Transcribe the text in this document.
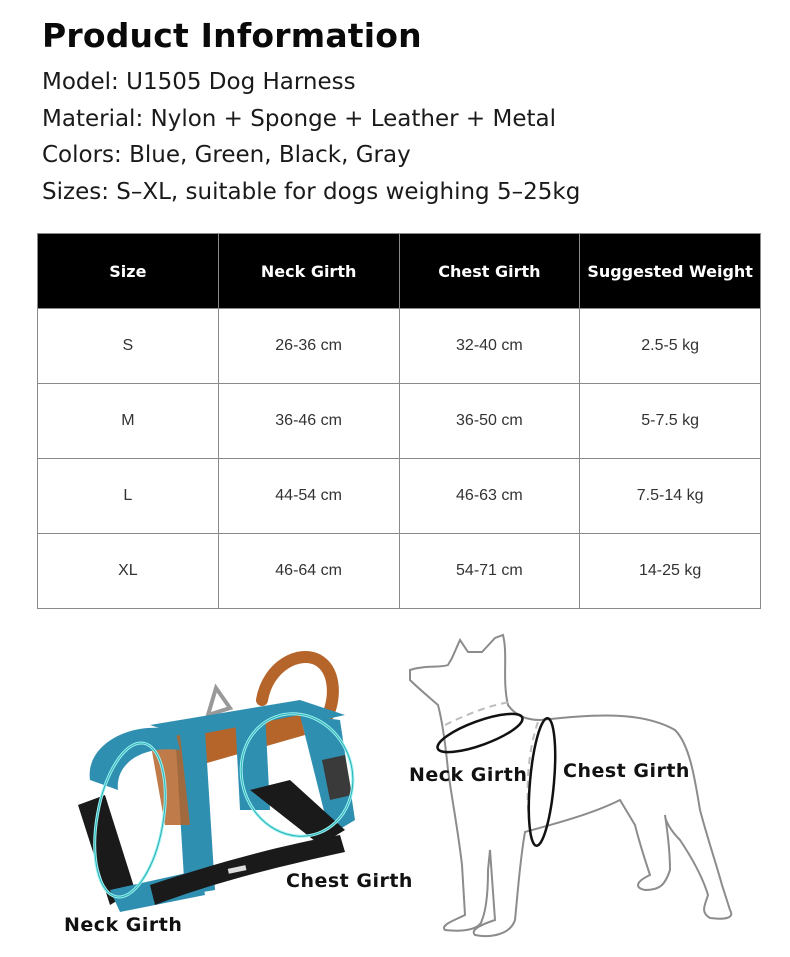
Product Information

Model: U1505 Dog Harness

Material: Nylon + Sponge + Leather + Metal

Colors: Blue, Green, Black, Gray

Sizes: S–XL, suitable for dogs weighing 5–25kg

Size	Neck Girth	Chest Girth	Suggested Weight
S	26-36 cm	32-40 cm	2.5-5 kg
M	36-46 cm	36-50 cm	5-7.5 kg
L	44-54 cm	46-63 cm	7.5-14 kg
XL	46-64 cm	54-71 cm	14-25 kg
Chest Girth
Neck Girth
Neck Girth Chest Girth
